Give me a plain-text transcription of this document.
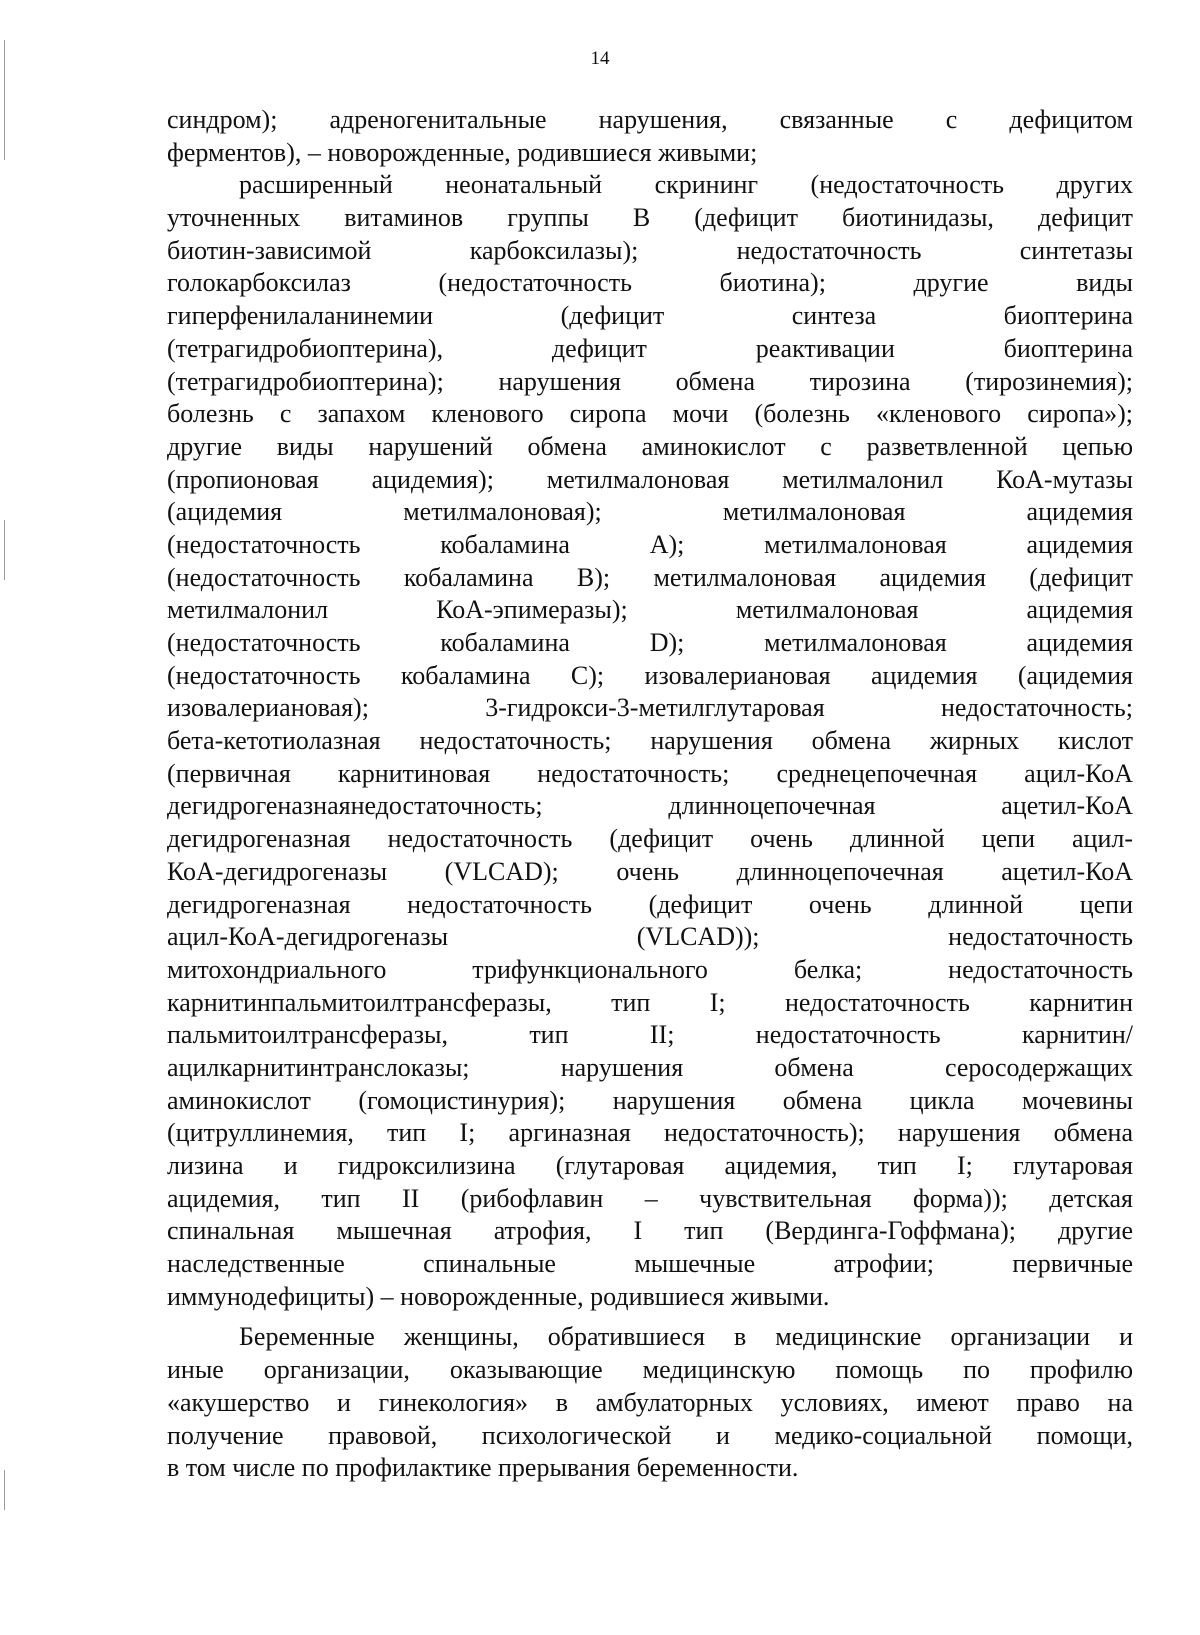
14
синдром); адреногенитальные нарушения, связанные с дефицитом
ферментов), – новорожденные, родившиеся живыми;
расширенный неонатальный скрининг (недостаточность других
уточненных витаминов группы В (дефицит биотинидазы, дефицит
биотин-зависимой карбоксилазы); недостаточность синтетазы
голокарбоксилаз (недостаточность биотина); другие виды
гиперфенилаланинемии (дефицит синтеза биоптерина
(тетрагидробиоптерина), дефицит реактивации биоптерина
(тетрагидробиоптерина); нарушения обмена тирозина (тирозинемия);
болезнь с запахом кленового сиропа мочи (болезнь «кленового сиропа»);
другие виды нарушений обмена аминокислот с разветвленной цепью
(пропионовая ацидемия); метилмалоновая метилмалонил КоА-мутазы
(ацидемия метилмалоновая); метилмалоновая ацидемия
(недостаточность кобаламина А); метилмалоновая ацидемия
(недостаточность кобаламина В); метилмалоновая ацидемия (дефицит
метилмалонил КоА-эпимеразы); метилмалоновая ацидемия
(недостаточность кобаламина D); метилмалоновая ацидемия
(недостаточность кобаламина С); изовалериановая ацидемия (ацидемия
изовалериановая); 3-гидрокси-3-метилглутаровая недостаточность;
бета-кетотиолазная недостаточность; нарушения обмена жирных кислот
(первичная карнитиновая недостаточность; среднецепочечная ацил-КоА
дегидрогеназнаянедостаточность; длинноцепочечная ацетил-КоА
дегидрогеназная недостаточность (дефицит очень длинной цепи ацил-
КоА-дегидрогеназы (VLCAD); очень длинноцепочечная ацетил-КоА
дегидрогеназная недостаточность (дефицит очень длинной цепи
ацил-КоА-дегидрогеназы (VLCAD)); недостаточность
митохондриального трифункционального белка; недостаточность
карнитинпальмитоилтрансферазы, тип I; недостаточность карнитин
пальмитоилтрансферазы, тип II; недостаточность карнитин/
ацилкарнитинтранслоказы; нарушения обмена серосодержащих
аминокислот (гомоцистинурия); нарушения обмена цикла мочевины
(цитруллинемия, тип I; аргиназная недостаточность); нарушения обмена
лизина и гидроксилизина (глутаровая ацидемия, тип I; глутаровая
ацидемия, тип II (рибофлавин – чувствительная форма)); детская
спинальная мышечная атрофия, I тип (Вердинга-Гоффмана); другие
наследственные спинальные мышечные атрофии; первичные
иммунодефициты) – новорожденные, родившиеся живыми.
Беременные женщины, обратившиеся в медицинские организации и
иные организации, оказывающие медицинскую помощь по профилю
«акушерство и гинекология» в амбулаторных условиях, имеют право на
получение правовой, психологической и медико-социальной помощи,
в том числе по профилактике прерывания беременности.
